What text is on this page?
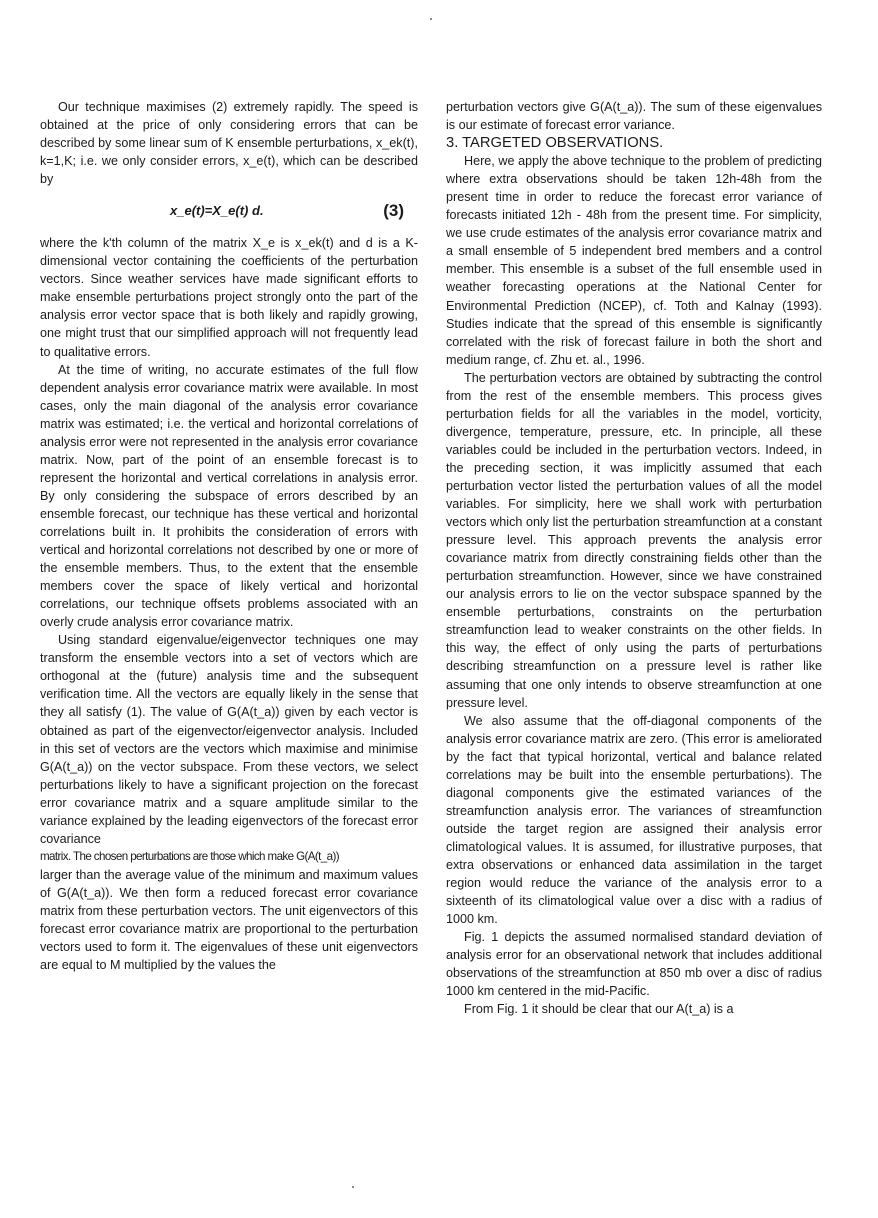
Our technique maximises (2) extremely rapidly. The speed is obtained at the price of only considering errors that can be described by some linear sum of K ensemble perturbations, x_ek(t), k=1,K; i.e. we only consider errors, x_e(t), which can be described by

x_e(t)=X_e(t) d.	(3)

where the k'th column of the matrix X_e is x_ek(t) and d is a K-dimensional vector containing the coefficients of the perturbation vectors. Since weather services have made significant efforts to make ensemble perturbations project strongly onto the part of the analysis error vector space that is both likely and rapidly growing, one might trust that our simplified approach will not frequently lead to qualitative errors.

At the time of writing, no accurate estimates of the full flow dependent analysis error covariance matrix were available. In most cases, only the main diagonal of the analysis error covariance matrix was estimated; i.e. the vertical and horizontal correlations of analysis error were not represented in the analysis error covariance matrix. Now, part of the point of an ensemble forecast is to represent the horizontal and vertical correlations in analysis error. By only considering the subspace of errors described by an ensemble forecast, our technique has these vertical and horizontal correlations built in. It prohibits the consideration of errors with vertical and horizontal correlations not described by one or more of the ensemble members. Thus, to the extent that the ensemble members cover the space of likely vertical and horizontal correlations, our technique offsets problems associated with an overly crude analysis error covariance matrix.

Using standard eigenvalue/eigenvector techniques one may transform the ensemble vectors into a set of vectors which are orthogonal at the (future) analysis time and the subsequent verification time. All the vectors are equally likely in the sense that they all satisfy (1). The value of G(A(t_a)) given by each vector is obtained as part of the eigenvector/eigenvector analysis. Included in this set of vectors are the vectors which maximise and minimise G(A(t_a)) on the vector subspace. From these vectors, we select perturbations likely to have a significant projection on the forecast error covariance matrix and a square amplitude similar to the variance explained by the leading eigenvectors of the forecast error covariance

matrix. The chosen perturbations are those which make G(A(t_a))

larger than the average value of the minimum and maximum values of G(A(t_a)). We then form a reduced forecast error covariance matrix from these perturbation vectors. The unit eigenvectors of this forecast error covariance matrix are proportional to the perturbation vectors used to form it. The eigenvalues of these unit eigenvectors are equal to M multiplied by the values the

perturbation vectors give G(A(t_a)). The sum of these eigenvalues is our estimate of forecast error variance.

3. TARGETED OBSERVATIONS.

Here, we apply the above technique to the problem of predicting where extra observations should be taken 12h-48h from the present time in order to reduce the forecast error variance of forecasts initiated 12h - 48h from the present time. For simplicity, we use crude estimates of the analysis error covariance matrix and a small ensemble of 5 independent bred members and a control member. This ensemble is a subset of the full ensemble used in weather forecasting operations at the National Center for Environmental Prediction (NCEP), cf. Toth and Kalnay (1993). Studies indicate that the spread of this ensemble is significantly correlated with the risk of forecast failure in both the short and medium range, cf. Zhu et. al., 1996.

The perturbation vectors are obtained by subtracting the control from the rest of the ensemble members. This process gives perturbation fields for all the variables in the model, vorticity, divergence, temperature, pressure, etc. In principle, all these variables could be included in the perturbation vectors. Indeed, in the preceding section, it was implicitly assumed that each perturbation vector listed the perturbation values of all the model variables. For simplicity, here we shall work with perturbation vectors which only list the perturbation streamfunction at a constant pressure level. This approach prevents the analysis error covariance matrix from directly constraining fields other than the perturbation streamfunction. However, since we have constrained our analysis errors to lie on the vector subspace spanned by the ensemble perturbations, constraints on the perturbation streamfunction lead to weaker constraints on the other fields. In this way, the effect of only using the parts of perturbations describing streamfunction on a pressure level is rather like assuming that one only intends to observe streamfunction at one pressure level.

We also assume that the off-diagonal components of the analysis error covariance matrix are zero. (This error is ameliorated by the fact that typical horizontal, vertical and balance related correlations may be built into the ensemble perturbations). The diagonal components give the estimated variances of the streamfunction analysis error. The variances of streamfunction outside the target region are assigned their analysis error climatological values. It is assumed, for illustrative purposes, that extra observations or enhanced data assimilation in the target region would reduce the variance of the analysis error to a sixteenth of its climatological value over a disc with a radius of 1000 km.

Fig. 1 depicts the assumed normalised standard deviation of analysis error for an observational network that includes additional observations of the streamfunction at 850 mb over a disc of radius 1000 km centered in the mid-Pacific.

From Fig. 1 it should be clear that our A(t_a) is a
